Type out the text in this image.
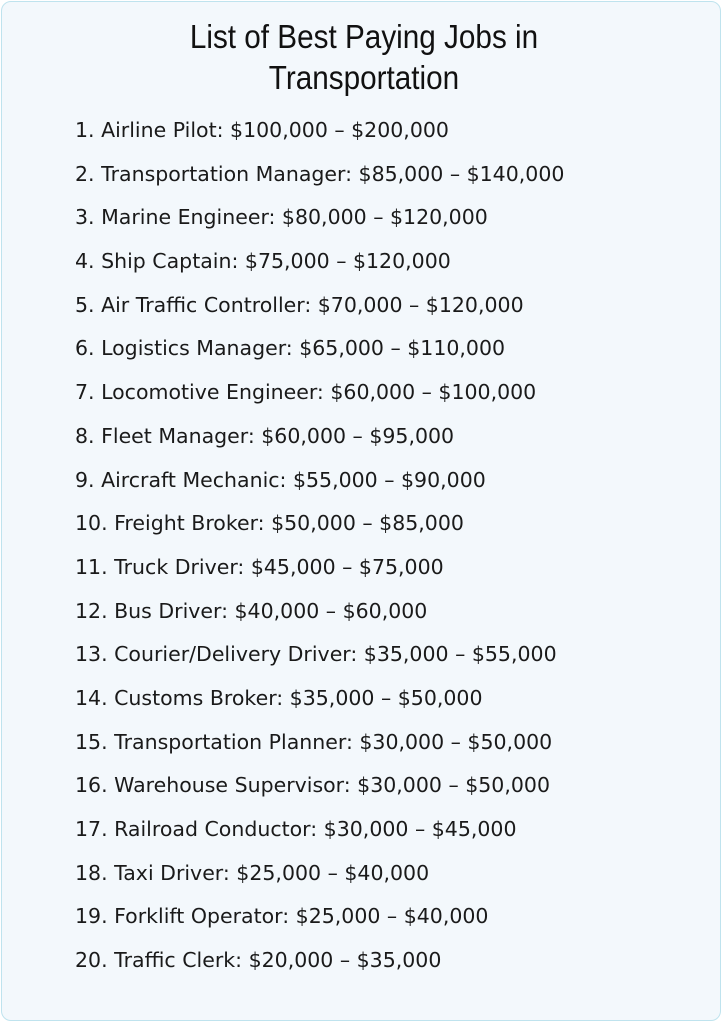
List of Best Paying Jobs in
Transportation
1. Airline Pilot: $100,000 – $200,000
2. Transportation Manager: $85,000 – $140,000
3. Marine Engineer: $80,000 – $120,000
4. Ship Captain: $75,000 – $120,000
5. Air Traffic Controller: $70,000 – $120,000
6. Logistics Manager: $65,000 – $110,000
7. Locomotive Engineer: $60,000 – $100,000
8. Fleet Manager: $60,000 – $95,000
9. Aircraft Mechanic: $55,000 – $90,000
10. Freight Broker: $50,000 – $85,000
11. Truck Driver: $45,000 – $75,000
12. Bus Driver: $40,000 – $60,000
13. Courier/Delivery Driver: $35,000 – $55,000
14. Customs Broker: $35,000 – $50,000
15. Transportation Planner: $30,000 – $50,000
16. Warehouse Supervisor: $30,000 – $50,000
17. Railroad Conductor: $30,000 – $45,000
18. Taxi Driver: $25,000 – $40,000
19. Forklift Operator: $25,000 – $40,000
20. Traffic Clerk: $20,000 – $35,000
